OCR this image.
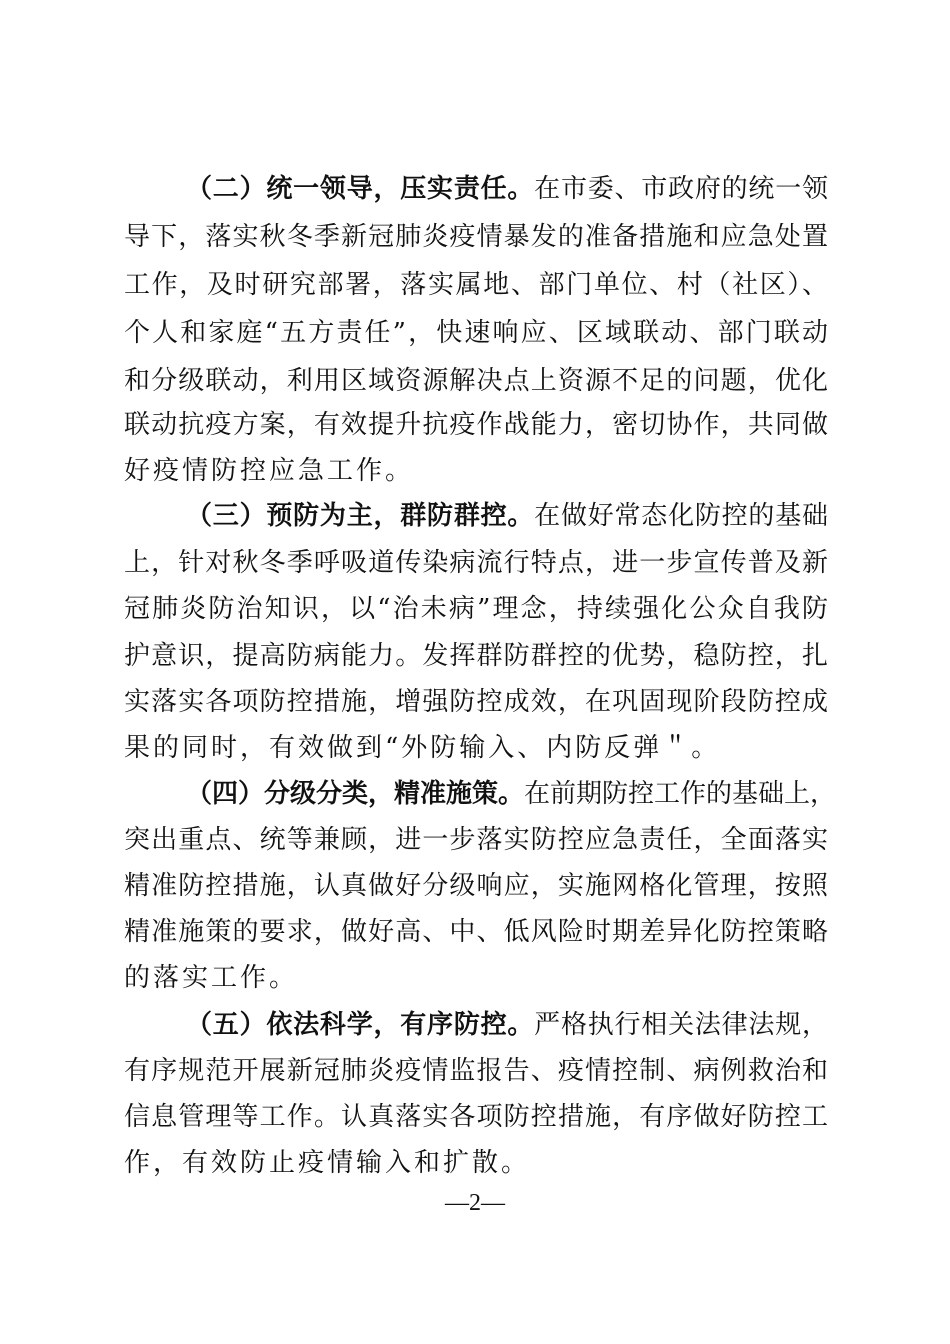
（二）统一领导，压实责任。在市委、市政府的统一领
导下，落实秋冬季新冠肺炎疫情暴发的准备措施和应急处置
工作，及时研究部署，落实属地、部门单位、村（社区）、
个人和家庭“五方责任”，快速响应、区域联动、部门联动
和分级联动，利用区域资源解决点上资源不足的问题，优化
联动抗疫方案，有效提升抗疫作战能力，密切协作，共同做
好疫情防控应急工作。
（三）预防为主，群防群控。在做好常态化防控的基础
上，针对秋冬季呼吸道传染病流行特点，进一步宣传普及新
冠肺炎防治知识，以“治未病”理念，持续强化公众自我防
护意识，提高防病能力。发挥群防群控的优势，稳防控，扎
实落实各项防控措施，增强防控成效，在巩固现阶段防控成
果的同时，有效做到“外防输入、内防反弹＂。
（四）分级分类，精准施策。在前期防控工作的基础上，
突出重点、统等兼顾，进一步落实防控应急责任，全面落实
精准防控措施，认真做好分级响应，实施网格化管理，按照
精准施策的要求，做好高、中、低风险时期差异化防控策略
的落实工作。
（五）依法科学，有序防控。严格执行相关法律法规，
有序规范开展新冠肺炎疫情监报告、疫情控制、病例救治和
信息管理等工作。认真落实各项防控措施，有序做好防控工
作，有效防止疫情输入和扩散。
—2—
